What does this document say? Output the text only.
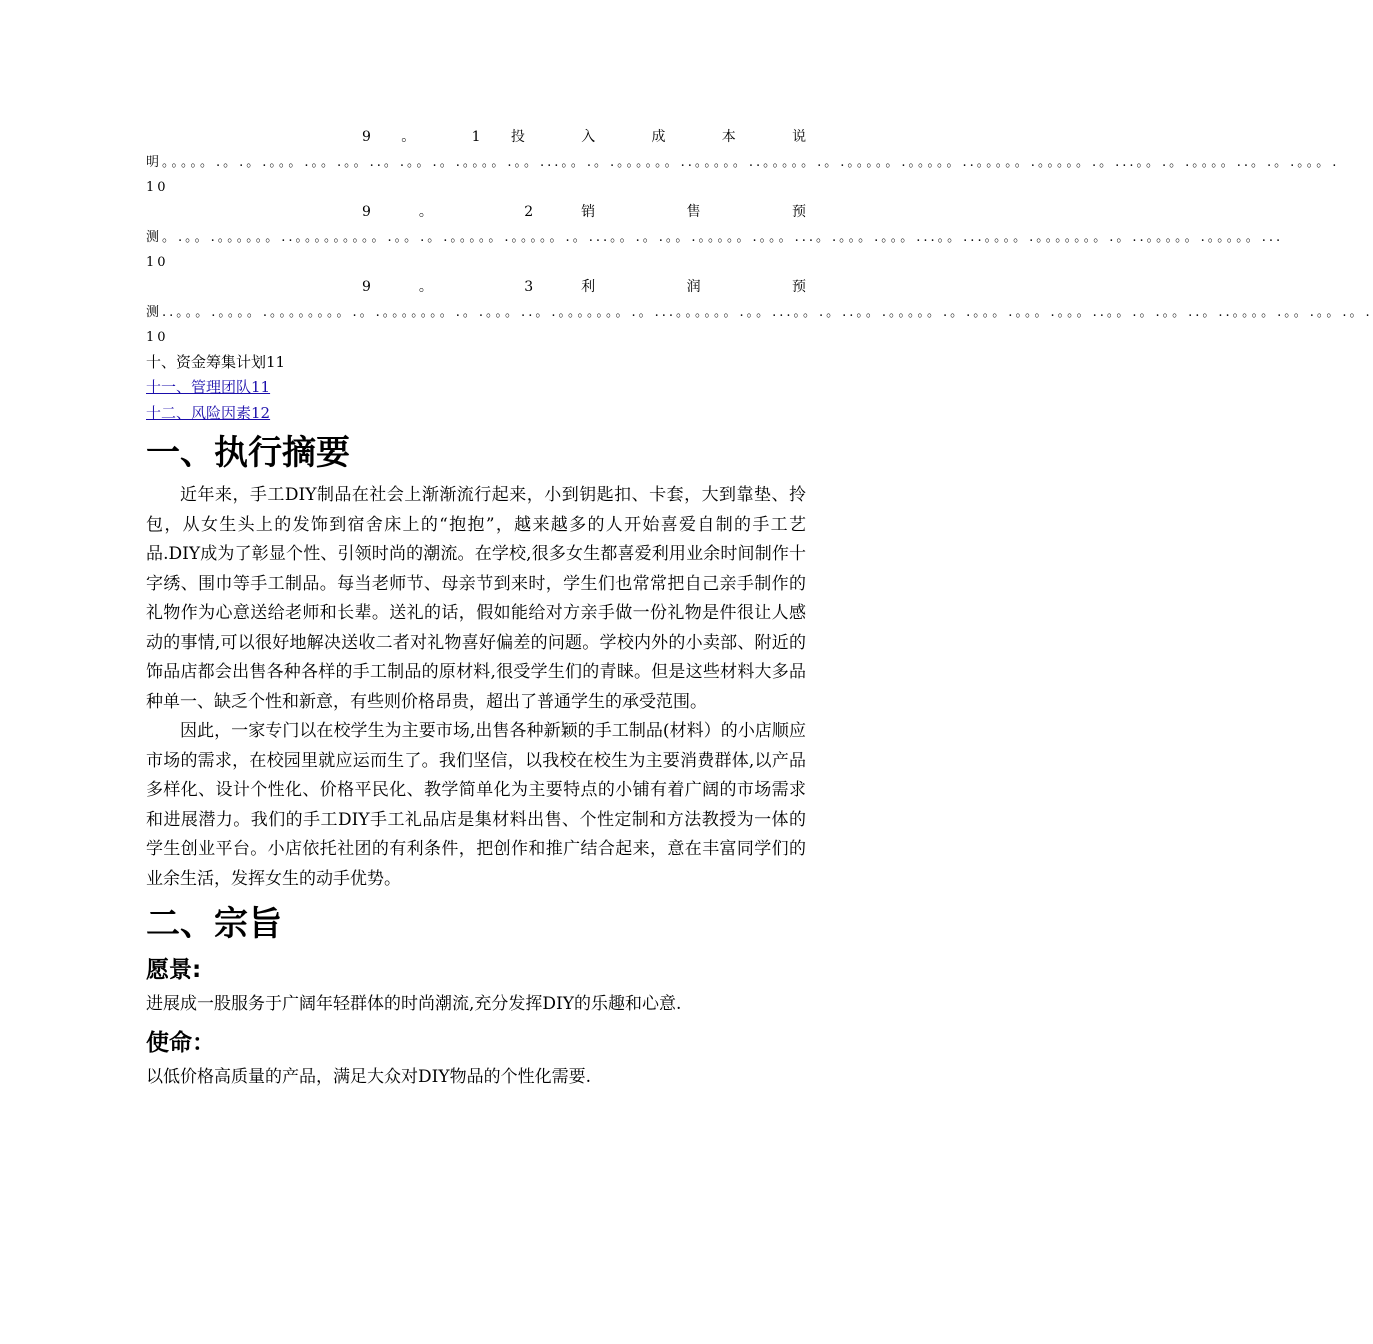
9 。 1 投 入 成 本 说
明。。。。。.。.。.。。。.。。.。。..。.。。.。.。。。。.。。...。。.。.。。。。。。..。。。。。..。。。。。.。.。。。。。.。。。。。..。。。。。.。。。。。.。...。。.。.。。。。..。.。.。。。.10
9	。	2	销	售	预
测。.。。.。。。。。。..。。。。。。。。。.。。.。.。。。。。.。。。。。.。...。。.。.。。.。。。。。.。。。...。.。。。.。。。...。。...。。。。.。。。。。。。.。..。。。。。.。。。。。...10
9	。	3	利	润	预
测..。。。.。。。。.。。。。。。。。.。.。。。。。。。.。.。。。..。.。。。。。。。.。...。。。。。。.。。...。。.。..。。.。。。。。.。.。。。.。。。.。。。..。。.。.。。..。..。。。。.。。.。。.。.10
十、资金筹集计划11
十一、管理团队11
十二、风险因素12
一、执行摘要

近年来，手工DIY制品在社会上渐渐流行起来，小到钥匙扣、卡套，大到靠垫、拎包，从女生头上的发饰到宿舍床上的“抱抱”，越来越多的人开始喜爱自制的手工艺品.DIY成为了彰显个性、引领时尚的潮流。在学校,很多女生都喜爱利用业余时间制作十字绣、围巾等手工制品。每当老师节、母亲节到来时，学生们也常常把自己亲手制作的礼物作为心意送给老师和长辈。送礼的话，假如能给对方亲手做一份礼物是件很让人感动的事情,可以很好地解决送收二者对礼物喜好偏差的问题。学校内外的小卖部、附近的饰品店都会出售各种各样的手工制品的原材料,很受学生们的青睐。但是这些材料大多品种单一、缺乏个性和新意，有些则价格昂贵，超出了普通学生的承受范围。

因此，一家专门以在校学生为主要市场,出售各种新颖的手工制品(材料）的小店顺应市场的需求，在校园里就应运而生了。我们坚信，以我校在校生为主要消费群体,以产品多样化、设计个性化、价格平民化、教学简单化为主要特点的小铺有着广阔的市场需求和进展潜力。我们的手工DIY手工礼品店是集材料出售、个性定制和方法教授为一体的学生创业平台。小店依托社团的有利条件，把创作和推广结合起来，意在丰富同学们的业余生活，发挥女生的动手优势。

二、宗旨
愿景:

进展成一股服务于广阔年轻群体的时尚潮流,充分发挥DIY的乐趣和心意.

使命：

以低价格高质量的产品，满足大众对DIY物品的个性化需要.
